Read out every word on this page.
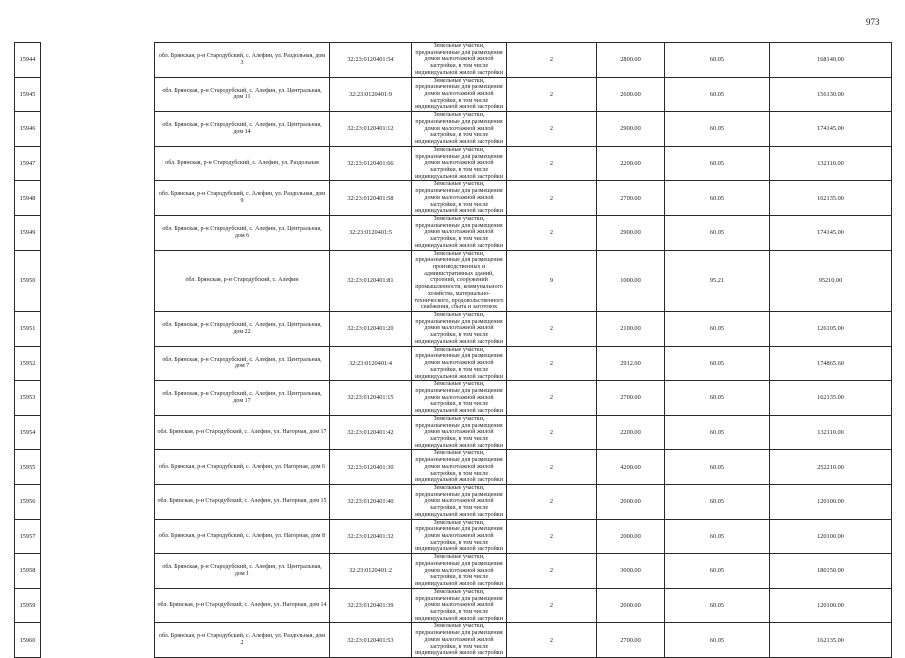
973
15944		обл. Брянская, р-н Стародубский, с. Алефин, ул. Раздольная, дом 3	32:23:0120401:54	Земельные участки, предназначенные для размещения домов малоэтажной жилой застройки, в том числе индивидуальной жилой застройки	2	2800.00	60.05	168140.00
15945		обл. Брянская, р-н Стародубский, с. Алефин, ул. Центральная, дом 11	32:23:0120401:9	Земельные участки, предназначенные для размещения домов малоэтажной жилой застройки, в том числе индивидуальной жилой застройки	2	2600.00	60.05	156130.00
15946		обл. Брянская, р-н Стародубский, с. Алефин, ул. Центральная, дом 14	32:23:0120401:12	Земельные участки, предназначенные для размещения домов малоэтажной жилой застройки, в том числе индивидуальной жилой застройки	2	2900.00	60.05	174145.00
15947		обл. Брянская, р-н Стародубский, с. Алефин, ул. Раздольная	32:23:0120401:66	Земельные участки, предназначенные для размещения домов малоэтажной жилой застройки, в том числе индивидуальной жилой застройки	2	2200.00	60.05	132110.00
15948		обл. Брянская, р-н Стародубский, с. Алефин, ул. Раздольная, дом 9	32:23:0120401:58	Земельные участки, предназначенные для размещения домов малоэтажной жилой застройки, в том числе индивидуальной жилой застройки	2	2700.00	60.05	162135.00
15949		обл. Брянская, р-н Стародубский, с. Алефин, ул. Центральная, дом 6	32:23:0120401:5	Земельные участки, предназначенные для размещения домов малоэтажной жилой застройки, в том числе индивидуальной жилой застройки	2	2900.00	60.05	174145.00
15950		обл. Брянская, р-н Стародубский, с. Алефин	32:23:0120401:81	Земельные участки, предназначенные для размещения производственных и административных зданий, строений, сооружений промышленности, коммунального хозяйства, материально-технического, продовольственного снабжения, сбыта и заготовок	9	1000.00	95.21	95210.00
15951		обл. Брянская, р-н Стародубский, с. Алефин, ул. Центральная, дом 22	32:23:0120401:20	Земельные участки, предназначенные для размещения домов малоэтажной жилой застройки, в том числе индивидуальной жилой застройки	2	2100.00	60.05	126105.00
15952		обл. Брянская, р-н Стародубский, с. Алефин, ул. Центральная, дом 7	32:23:0120401:4	Земельные участки, предназначенные для размещения домов малоэтажной жилой застройки, в том числе индивидуальной жилой застройки	2	2912.00	60.05	174865.60
15953		обл. Брянская, р-н Стародубский, с. Алефин, ул. Центральная, дом 17	32:23:0120401:15	Земельные участки, предназначенные для размещения домов малоэтажной жилой застройки, в том числе индивидуальной жилой застройки	2	2700.00	60.05	162135.00
15954		обл. Брянская, р-н Стародубский, с. Алефин, ул. Нагорная, дом 17	32:23:0120401:42	Земельные участки, предназначенные для размещения домов малоэтажной жилой застройки, в том числе индивидуальной жилой застройки	2	2200.00	60.05	132110.00
15955		обл. Брянская, р-н Стародубский, с. Алефин, ул. Нагорная, дом 6	32:23:0120401:30	Земельные участки, предназначенные для размещения домов малоэтажной жилой застройки, в том числе индивидуальной жилой застройки	2	4200.00	60.05	252210.00
15956		обл. Брянская, р-н Стародубский, с. Алефин, ул. Нагорная, дом 15	32:23:0120401:40	Земельные участки, предназначенные для размещения домов малоэтажной жилой застройки, в том числе индивидуальной жилой застройки	2	2000.00	60.05	120100.00
15957		обл. Брянская, р-н Стародубский, с. Алефин, ул. Нагорная, дом 8	32:23:0120401:32	Земельные участки, предназначенные для размещения домов малоэтажной жилой застройки, в том числе индивидуальной жилой застройки	2	2000.00	60.05	120100.00
15958		обл. Брянская, р-н Стародубский, с. Алефин, ул. Центральная, дом 1	32:23:0120401:2	Земельные участки, предназначенные для размещения домов малоэтажной жилой застройки, в том числе индивидуальной жилой застройки	2	3000.00	60.05	180150.00
15959		обл. Брянская, р-н Стародубский, с. Алефин, ул. Нагорная, дом 14	32:23:0120401:39	Земельные участки, предназначенные для размещения домов малоэтажной жилой застройки, в том числе индивидуальной жилой застройки	2	2000.00	60.05	120100.00
15960		обл. Брянская, р-н Стародубский, с. Алефин, ул. Раздольная, дом 2	32:23:0120401:53	Земельные участки, предназначенные для размещения домов малоэтажной жилой застройки, в том числе индивидуальной жилой застройки	2	2700.00	60.05	162135.00
